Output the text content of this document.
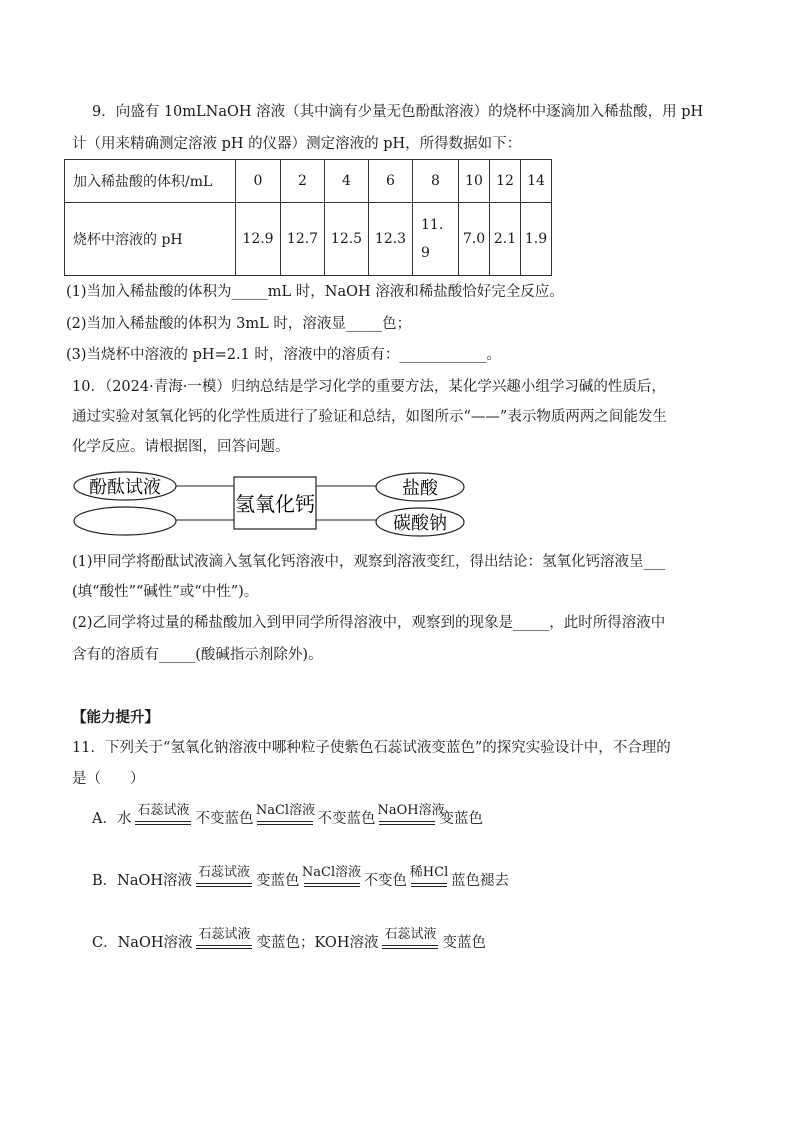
9．向盛有 10mLNaOH 溶液（其中滴有少量无色酚酞溶液）的烧杯中逐滴加入稀盐酸，用 pH
计（用来精确测定溶液 pH 的仪器）测定溶液的 pH，所得数据如下：
加入稀盐酸的体积/mL	0	2	4	6	8	10	12	14
烧杯中溶液的 pH	12.9	12.7	12.5	12.3	11.9	7.0	2.1	1.9
(1)当加入稀盐酸的体积为_____mL 时，NaOH 溶液和稀盐酸恰好完全反应。
(2)当加入稀盐酸的体积为 3mL 时，溶液显_____色；
(3)当烧杯中溶液的 pH=2.1 时，溶液中的溶质有：____________。
10．（2024·青海·一模）归纳总结是学习化学的重要方法，某化学兴趣小组学习碱的性质后，
通过实验对氢氧化钙的化学性质进行了验证和总结，如图所示“——”表示物质两两之间能发生
化学反应。请根据图，回答问题。
酚酞试液
氢氧化钙
盐酸
碳酸钠
(1)甲同学将酚酞试液滴入氢氧化钙溶液中，观察到溶液变红，得出结论：氢氧化钙溶液呈___
(填“酸性”“碱性”或“中性”)。
(2)乙同学将过量的稀盐酸加入到甲同学所得溶液中，观察到的现象是_____，此时所得溶液中
含有的溶质有_____(酸碱指示剂除外)。
【能力提升】
11．下列关于“氢氧化钠溶液中哪种粒子使紫色石蕊试液变蓝色”的探究实验设计中，不合理的
是（　　）
A．水
石蕊试液
不变蓝色
NaCl溶液
不变蓝色
NaOH溶液
变蓝色
B．NaOH溶液
石蕊试液
变蓝色
NaCl溶液
不变色
稀HCl
蓝色褪去
C．NaOH溶液
石蕊试液
变蓝色；KOH溶液
石蕊试液
变蓝色
